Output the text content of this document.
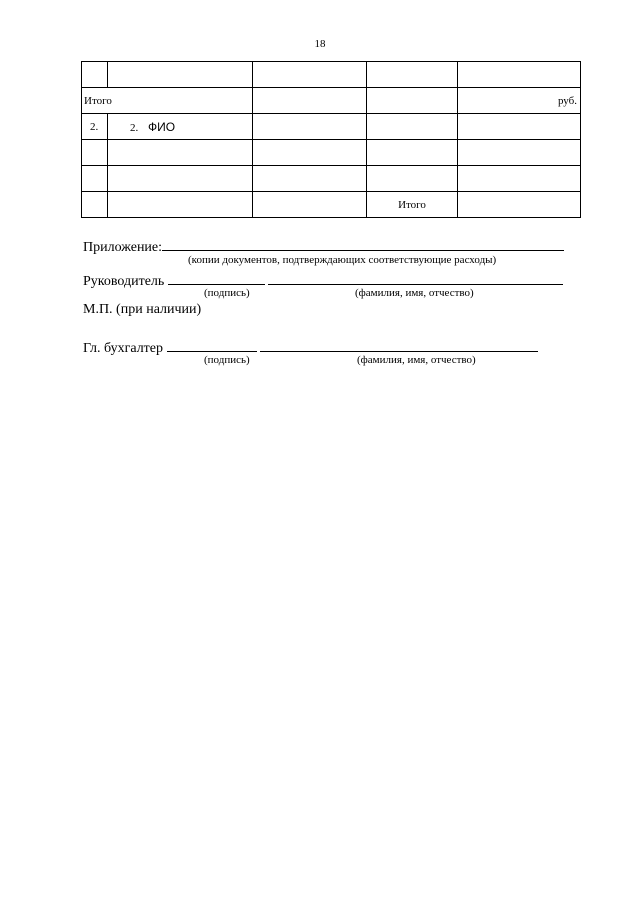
18

Итого				руб.
2.	2. ФИО			

			Итого	
Приложение:
(копии документов, подтверждающих соответствующие расходы)
Руководитель
(подпись)	(фамилия, имя, отчество)
М.П. (при наличии)
Гл. бухгалтер
(подпись)	(фамилия, имя, отчество)
